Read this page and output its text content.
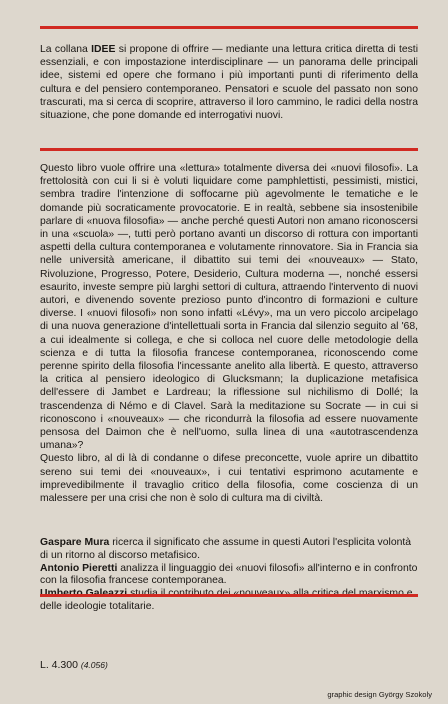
La collana IDEE si propone di offrire — mediante una lettura critica diretta di testi essenziali, e con impostazione interdisciplinare — un panorama delle principali idee, sistemi ed opere che formano i più importanti punti di riferimento della cultura e del pensiero contemporaneo. Pensatori e scuole del passato non sono trascurati, ma si cerca di scoprire, attraverso il loro cammino, le radici della nostra situazione, che pone domande ed interrogativi nuovi.
Questo libro vuole offrire una «lettura» totalmente diversa dei «nuovi filosofi». La frettolosità con cui li si è voluti liquidare come pamphlettisti, pessimisti, mistici, sembra tradire l'intenzione di soffocarne più agevolmente le tematiche e le domande più socraticamente provocatorie. E in realtà, sebbene sia insostenibile parlare di «nuova filosofia» — anche perché questi Autori non amano riconoscersi in una «scuola» —, tutti però portano avanti un discorso di rottura con importanti aspetti della cultura contemporanea e volutamente rinnovatore. Sia in Francia sia nelle università americane, il dibattito sui temi dei «nouveaux» — Stato, Rivoluzione, Progresso, Potere, Desiderio, Cultura moderna —, nonché essersi esaurito, investe sempre più larghi settori di cultura, attraendo l'intervento di nuovi autori, e divenendo sovente prezioso punto d'incontro di formazioni e culture diverse. I «nuovi filosofi» non sono infatti «Lévy», ma un vero piccolo arcipelago di una nuova generazione d'intellettuali sorta in Francia dal silenzio seguito al '68, a cui idealmente si collega, e che si colloca nel cuore delle metodologie della scienza e di tutta la filosofia francese contemporanea, riconoscendo come perenne spirito della filosofia l'incessante anelito alla libertà. E questo, attraverso la critica al pensiero ideologico di Glucksmann; la duplicazione metafisica dell'essere di Jambet e Lardreau; la riflessione sul nichilismo di Dollé; la trascendenza di Némo e di Clavel. Sarà la meditazione su Socrate — in cui si riconoscono i «nouveaux» — che ricondurrà la filosofia ad essere nuovamente pensosa del Daimon che è nell'uomo, sulla linea di una «autotrascendenza umana»?
Questo libro, al di là di condanne o difese preconcette, vuole aprire un dibattito sereno sui temi dei «nouveaux», i cui tentativi esprimono acutamente e imprevedibilmente il travaglio critico della filosofia, come coscienza di un malessere per una crisi che non è solo di cultura ma di civiltà.
Gaspare Mura ricerca il significato che assume in questi Autori l'esplicita volontà di un ritorno al discorso metafisico.
Antonio Pieretti analizza il linguaggio dei «nuovi filosofi» all'interno e in confronto con la filosofia francese contemporanea.
delle ideologie totalitarie.
L. 4.300 (4.056)
graphic design György Szokoly
